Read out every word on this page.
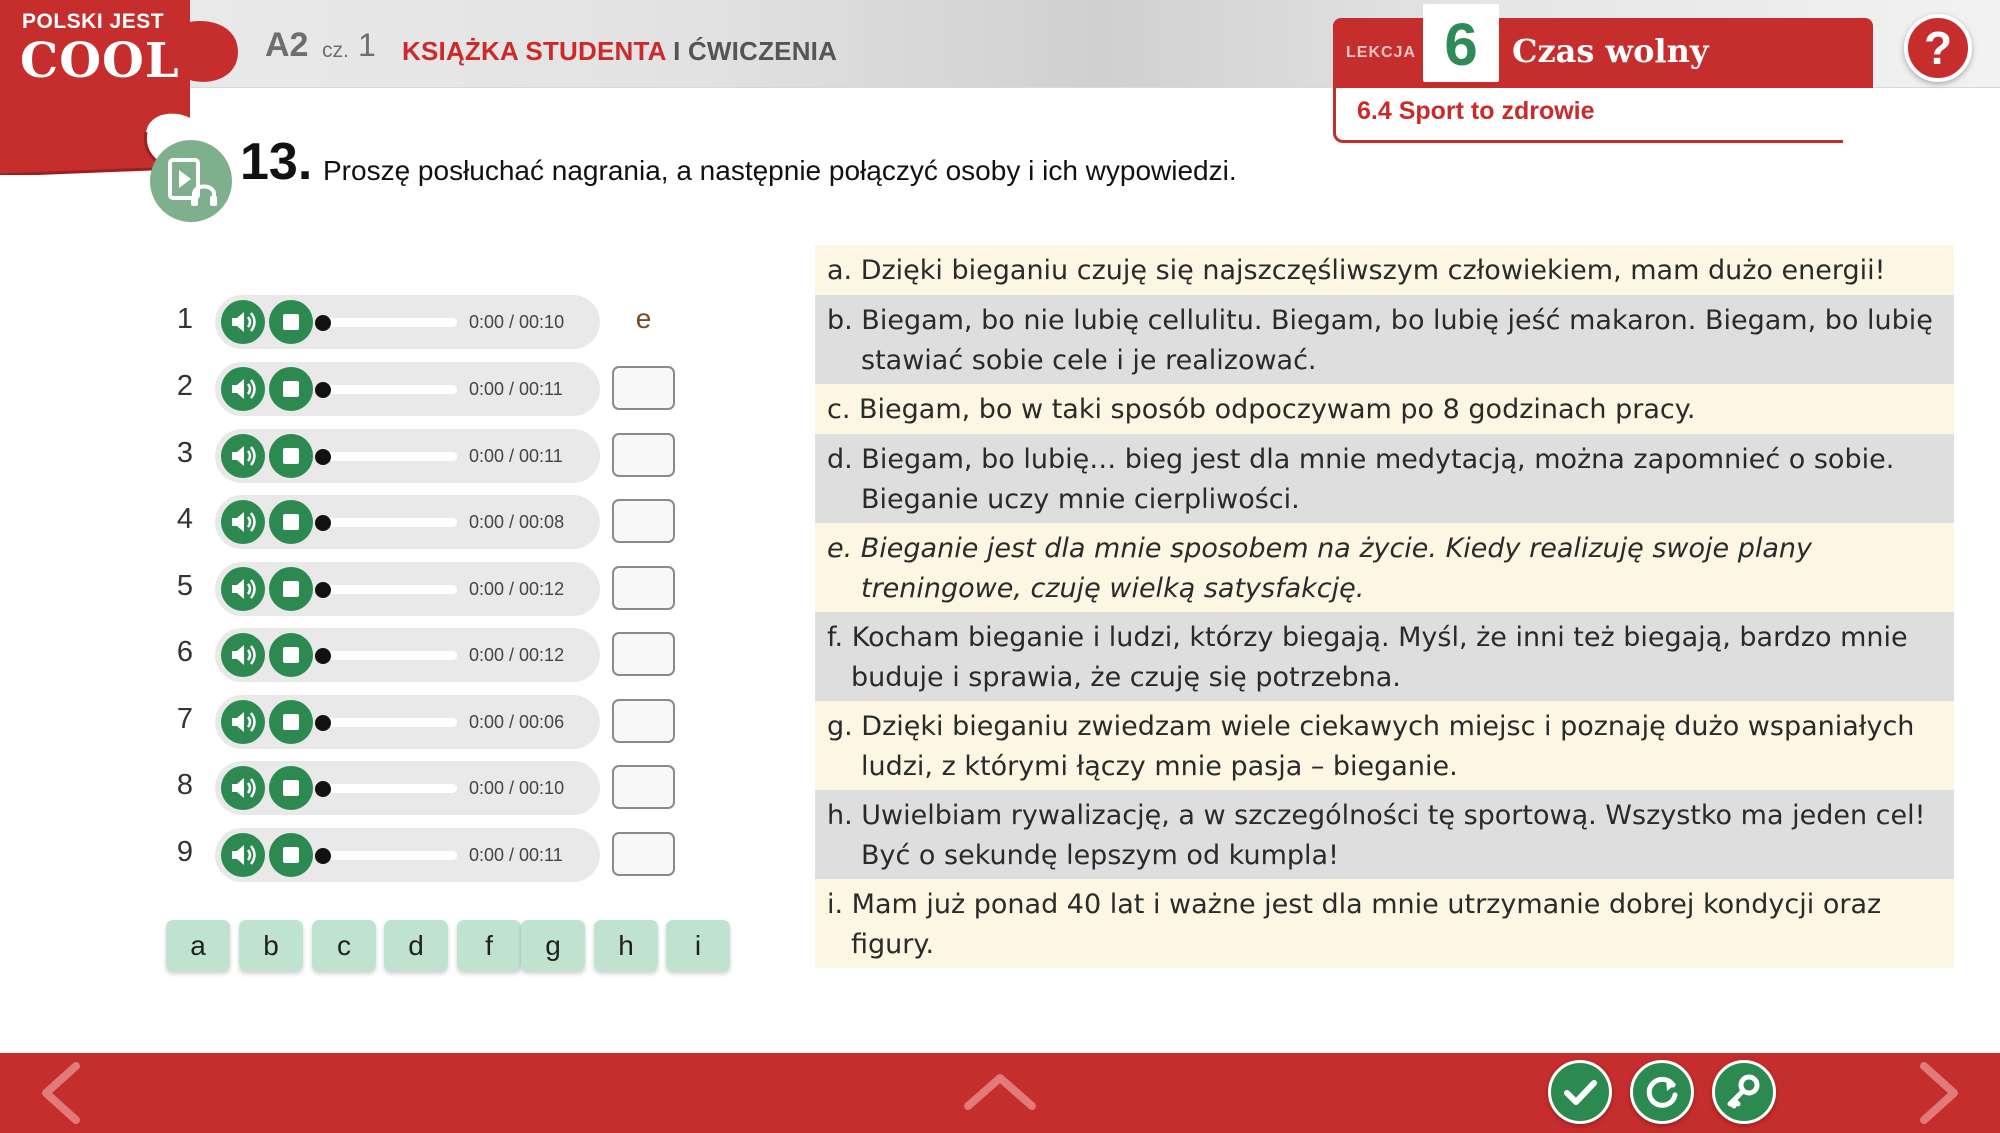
POLSKI JEST
COOL	A2 cz. 1 KSIĄŻKA STUDENTA I ĆWICZENIA	LEKCJA 6	Czas wolny
6.4 Sport to zdrowie
?
13. Proszę posłuchać nagrania, a następnie połączyć osoby i ich wypowiedzi.
1	0:00 / 00:10	e
2	0:00 / 00:11
3	0:00 / 00:11
4	0:00 / 00:08
5	0:00 / 00:12
6	0:00 / 00:12
7	0:00 / 00:06
8	0:00 / 00:10
9	0:00 / 00:11
a	b	c	d	f	g	h	i
a. Dzięki bieganiu czuję się najszczęśliwszym człowiekiem, mam dużo energii!
b. Biegam, bo nie lubię cellulitu. Biegam, bo lubię jeść makaron. Biegam, bo lubię
stawiać sobie cele i je realizować.
c. Biegam, bo w taki sposób odpoczywam po 8 godzinach pracy.
d. Biegam, bo lubię… bieg jest dla mnie medytacją, można zapomnieć o sobie.
Bieganie uczy mnie cierpliwości.
e. Bieganie jest dla mnie sposobem na życie. Kiedy realizuję swoje plany
treningowe, czuję wielką satysfakcję.
f. Kocham bieganie i ludzi, którzy biegają. Myśl, że inni też biegają, bardzo mnie
buduje i sprawia, że czuję się potrzebna.
g. Dzięki bieganiu zwiedzam wiele ciekawych miejsc i poznaję dużo wspaniałych
ludzi, z którymi łączy mnie pasja – bieganie.
h. Uwielbiam rywalizację, a w szczególności tę sportową. Wszystko ma jeden cel!
Być o sekundę lepszym od kumpla!
i. Mam już ponad 40 lat i ważne jest dla mnie utrzymanie dobrej kondycji oraz
figury.
